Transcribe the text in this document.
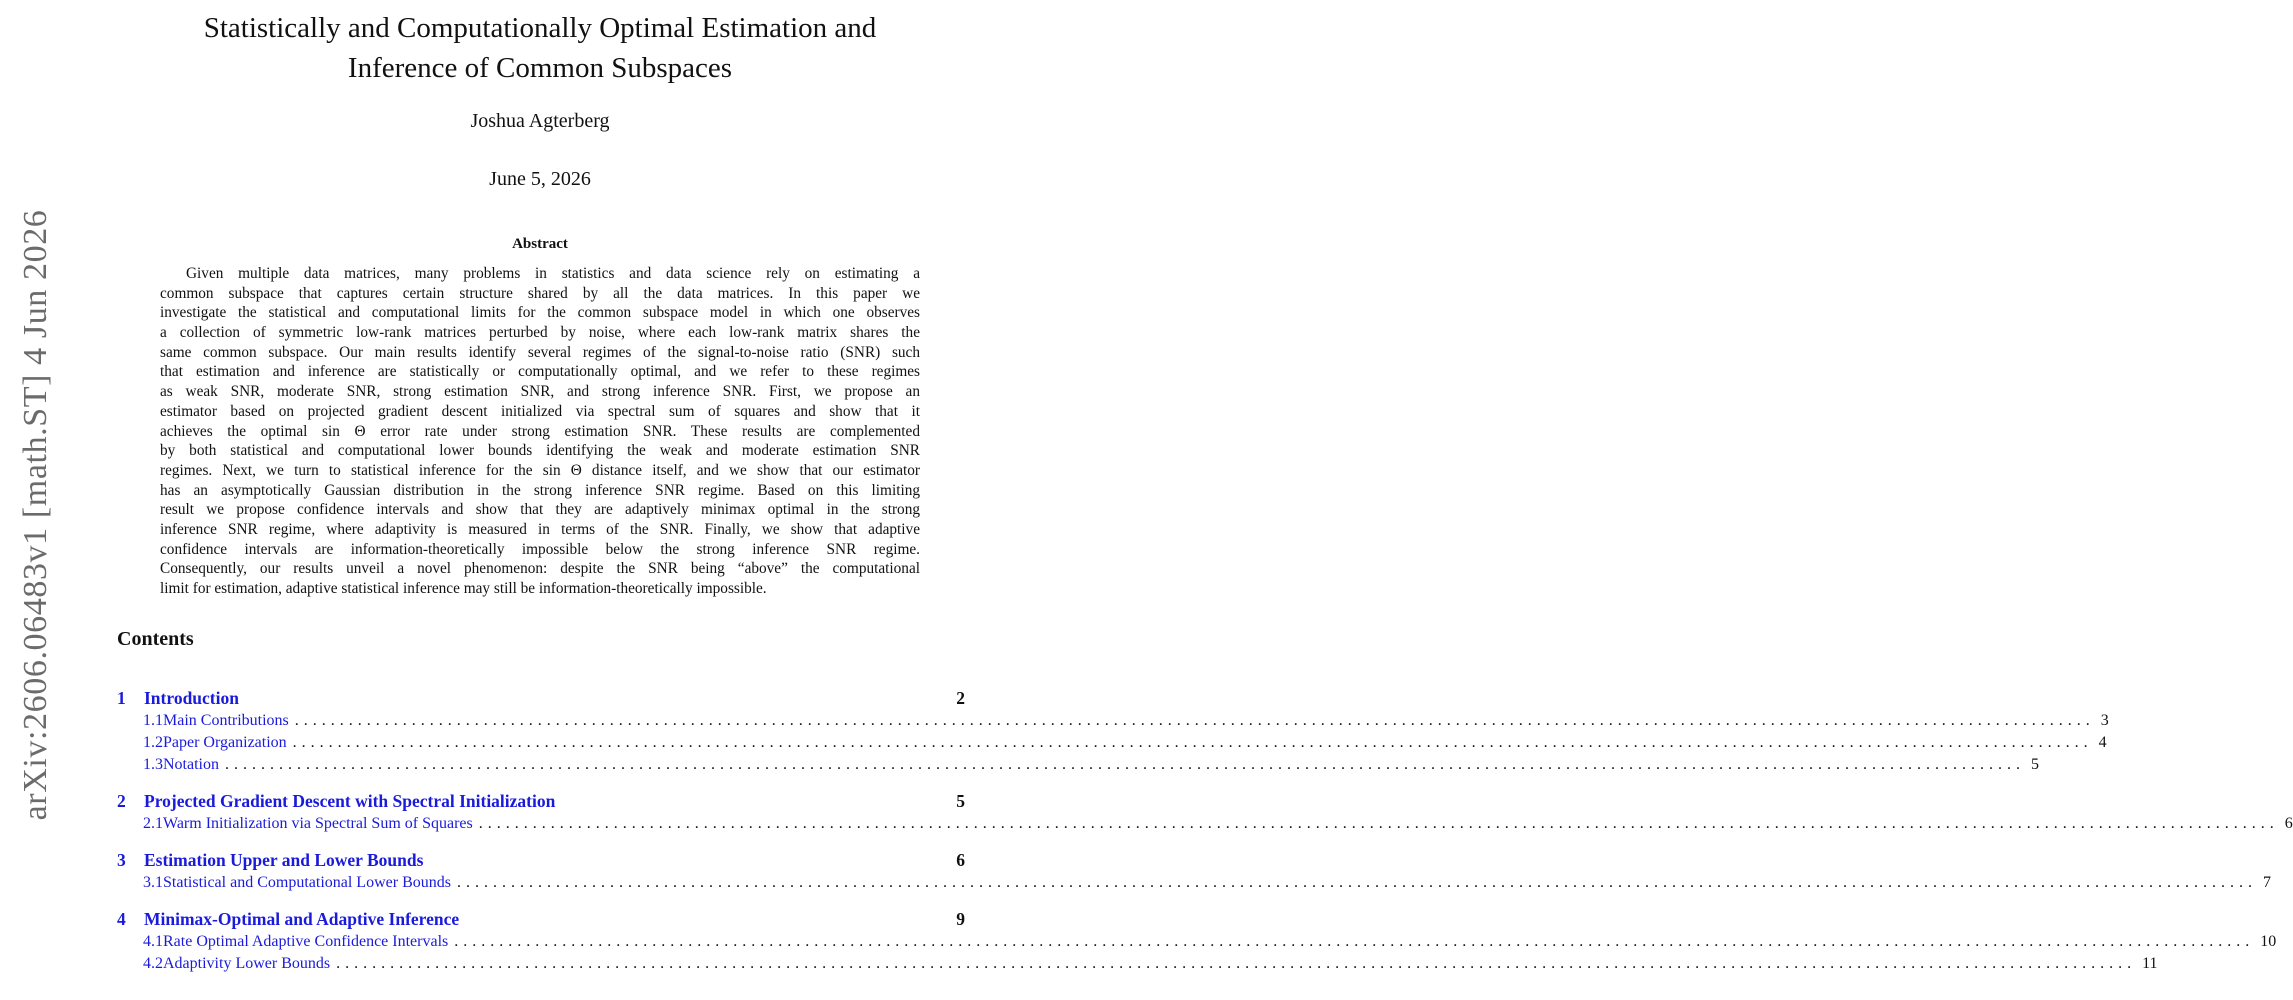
arXiv:2606.06483v1 [math.ST] 4 Jun 2026
Statistically and Computationally Optimal Estimation and
Inference of Common Subspaces
Joshua Agterberg
June 5, 2026
Abstract
Given multiple data matrices, many problems in statistics and data science rely on estimating a
common subspace that captures certain structure shared by all the data matrices. In this paper we
investigate the statistical and computational limits for the common subspace model in which one observes
a collection of symmetric low-rank matrices perturbed by noise, where each low-rank matrix shares the
same common subspace. Our main results identify several regimes of the signal-to-noise ratio (SNR) such
that estimation and inference are statistically or computationally optimal, and we refer to these regimes
as weak SNR, moderate SNR, strong estimation SNR, and strong inference SNR. First, we propose an
estimator based on projected gradient descent initialized via spectral sum of squares and show that it
achieves the optimal sin Θ error rate under strong estimation SNR. These results are complemented
by both statistical and computational lower bounds identifying the weak and moderate estimation SNR
regimes. Next, we turn to statistical inference for the sin Θ distance itself, and we show that our estimator
has an asymptotically Gaussian distribution in the strong inference SNR regime. Based on this limiting
result we propose confidence intervals and show that they are adaptively minimax optimal in the strong
inference SNR regime, where adaptivity is measured in terms of the SNR. Finally, we show that adaptive
confidence intervals are information-theoretically impossible below the strong inference SNR regime.
Consequently, our results unveil a novel phenomenon: despite the SNR being “above” the computational
limit for estimation, adaptive statistical inference may still be information-theoretically impossible.
Contents
1	Introduction	2
1.1 Main Contributions ........................................................................................................................................................................................................ 3
1.2 Paper Organization ........................................................................................................................................................................................................ 4
1.3 Notation ........................................................................................................................................................................................................ 5
2	Projected Gradient Descent with Spectral Initialization	5
2.1 Warm Initialization via Spectral Sum of Squares ........................................................................................................................................................................................................ 6
3	Estimation Upper and Lower Bounds	6
3.1 Statistical and Computational Lower Bounds ........................................................................................................................................................................................................ 7
4	Minimax-Optimal and Adaptive Inference	9
4.1 Rate Optimal Adaptive Confidence Intervals ........................................................................................................................................................................................................ 10
4.2 Adaptivity Lower Bounds ........................................................................................................................................................................................................ 11
